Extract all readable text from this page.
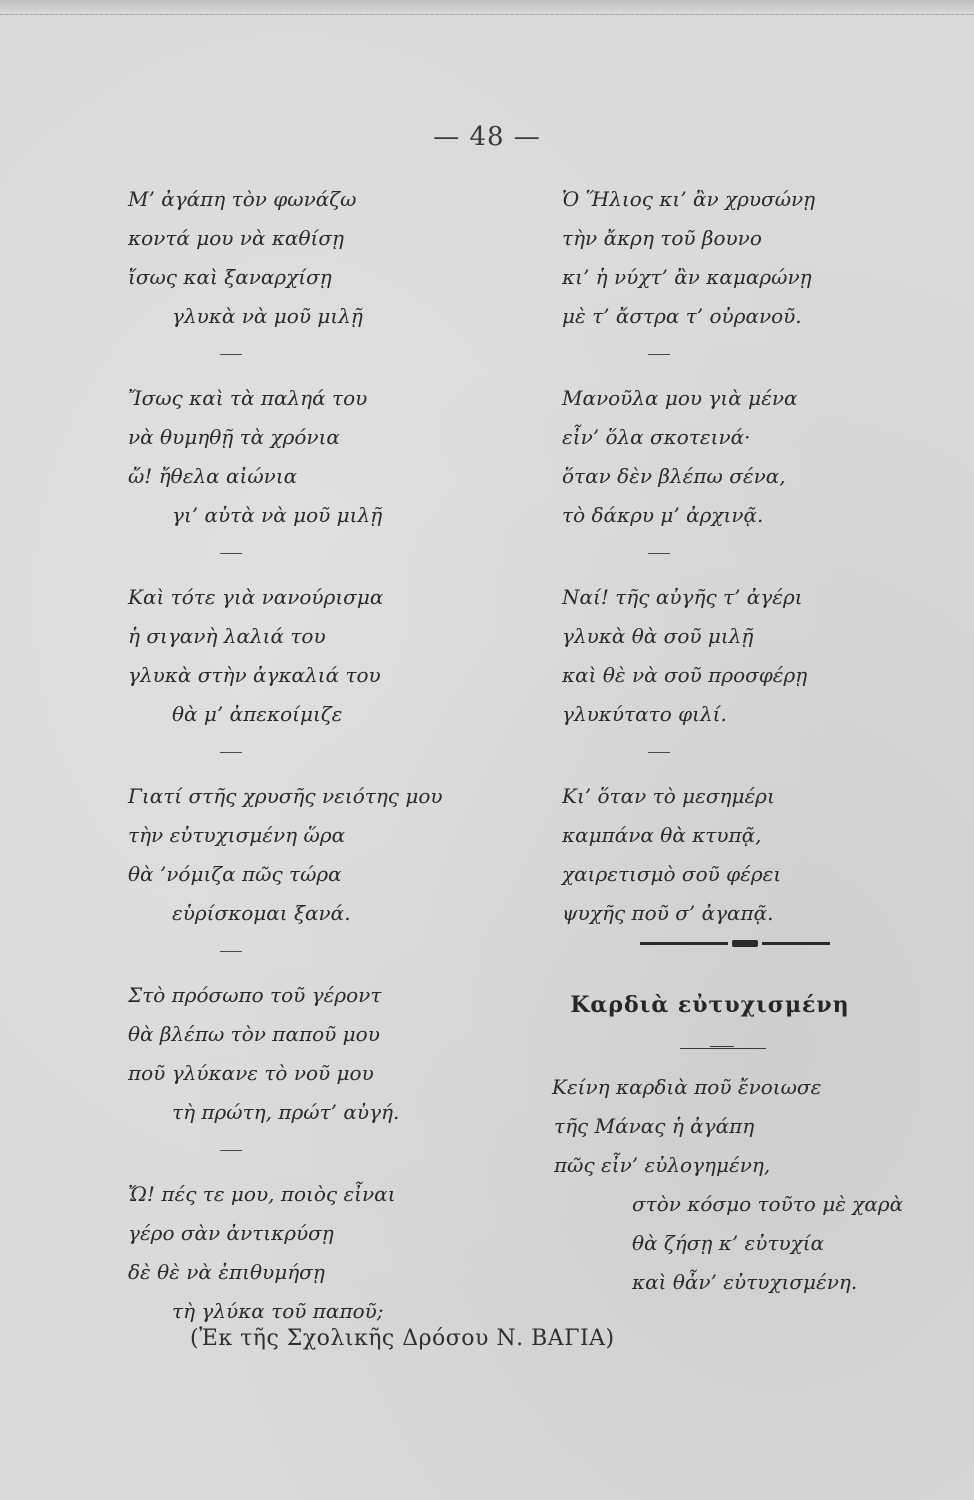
— 48 —
Μ’ ἀγάπη τὸν φωνάζω
κοντά μου νὰ καθίσῃ
ἴσως καὶ ξαναρχίσῃ
γλυκὰ νὰ μοῦ μιλῇ
Ἴσως καὶ τὰ παληά του
νὰ θυμηθῇ τὰ χρόνια
ὤ! ἤθελα αἰώνια
γι’ αὐτὰ νὰ μοῦ μιλῇ
Καὶ τότε γιὰ νανούρισμα
ἡ σιγανὴ λαλιά του
γλυκὰ στὴν ἀγκαλιά του
θὰ μ’ ἀπεκοίμιζε
Γιατί στῆς χρυσῆς νειότης μου
τὴν εὐτυχισμένη ὥρα
θὰ ’νόμιζα πῶς τώρα
εὑρίσκομαι ξανά.
Στὸ πρόσωπο τοῦ γέροντ
θὰ βλέπω τὸν παποῦ μου
ποῦ γλύκανε τὸ νοῦ μου
τὴ πρώτη, πρώτ’ αὐγή.
Ὤ! πές τε μου, ποιὸς εἶναι
γέρο σὰν ἀντικρύσῃ
δὲ θὲ νὰ ἐπιθυμήσῃ
τὴ γλύκα τοῦ παποῦ;
Ὁ Ἥλιος κι’ ἂν χρυσώνῃ
τὴν ἄκρη τοῦ βουνο
κι’ ἡ νύχτ’ ἂν καμαρώνῃ
μὲ τ’ ἄστρα τ’ οὐρανοῦ.
Μανοῦλα μου γιὰ μένα
εἶν’ ὅλα σκοτεινά·
ὅταν δὲν βλέπω σένα,
τὸ δάκρυ μ’ ἀρχινᾷ.
Ναί! τῆς αὐγῆς τ’ ἀγέρι
γλυκὰ θὰ σοῦ μιλῇ
καὶ θὲ νὰ σοῦ προσφέρῃ
γλυκύτατο φιλί.
Κι’ ὅταν τὸ μεσημέρι
καμπάνα θὰ κτυπᾷ,
χαιρετισμὸ σοῦ φέρει
ψυχῆς ποῦ σ’ ἀγαπᾷ.
Καρδιὰ εὐτυχισμένη
Κείνη καρδιὰ ποῦ ἔνοιωσε
τῆς Μάνας ἡ ἀγάπη
πῶς εἶν’ εὐλογημένη,
στὸν κόσμο τοῦτο μὲ χαρὰ
θὰ ζήσῃ κ’ εὐτυχία
καὶ θἆν’ εὐτυχισμένη.
(Ἐκ τῆς Σχολικῆς Δρόσου Ν. ΒΑΓΙΑ)
